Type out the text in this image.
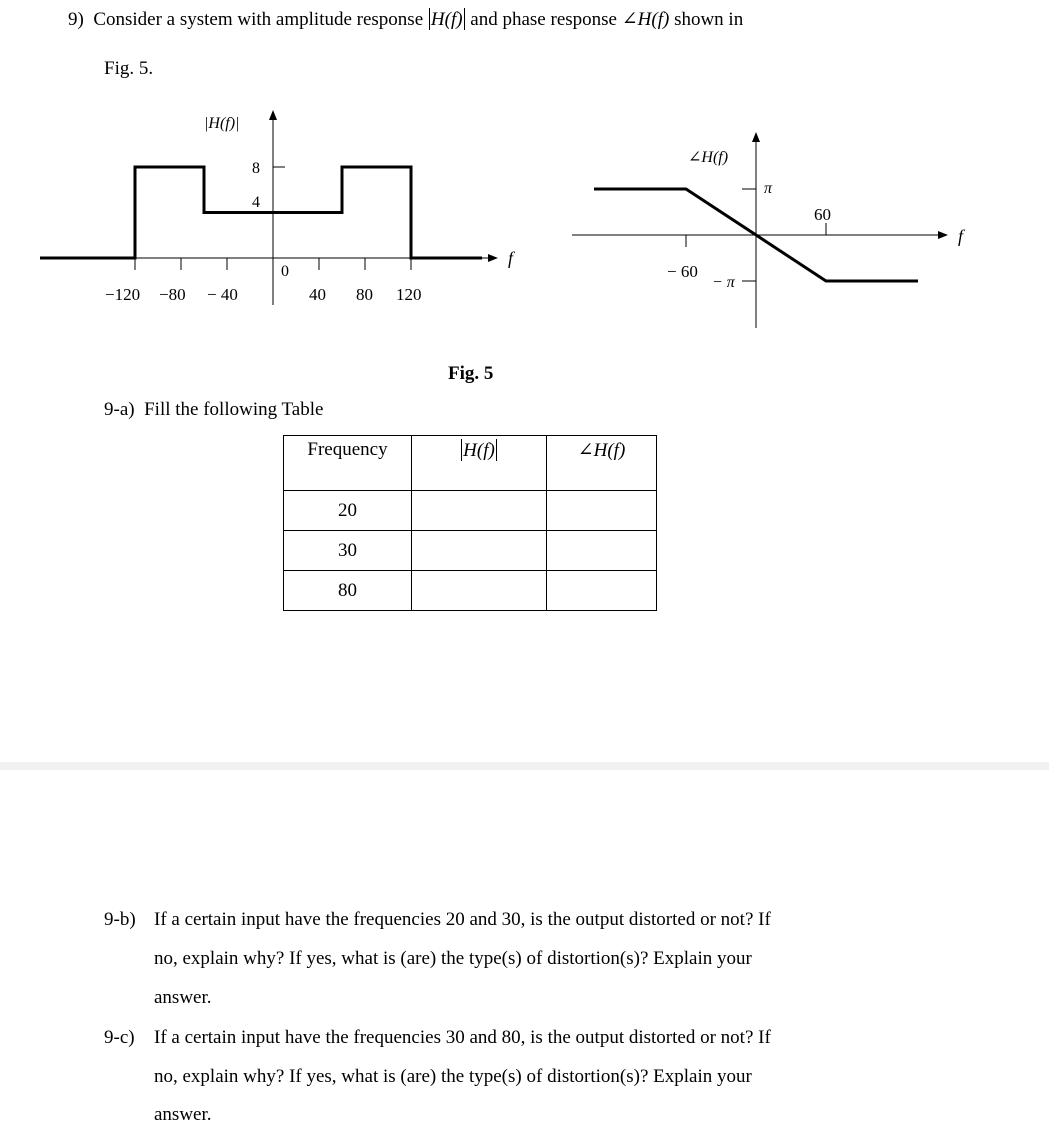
9) Consider a system with amplitude response H(f) and phase response ∠H(f) shown in
Fig. 5.
|H(f)|
8
4
f
−120 −80 − 40
0
40 80 120
∠H(f)
π
− π
− 60
60
f
Fig. 5
9-a) Fill the following Table
Frequency	H(f)	∠H(f)
20		
30		
80		
9-b) If a certain input have the frequencies 20 and 30, is the output distorted or not? If
no, explain why? If yes, what is (are) the type(s) of distortion(s)? Explain your
answer.
9-c) If a certain input have the frequencies 30 and 80, is the output distorted or not? If
no, explain why? If yes, what is (are) the type(s) of distortion(s)? Explain your
answer.
